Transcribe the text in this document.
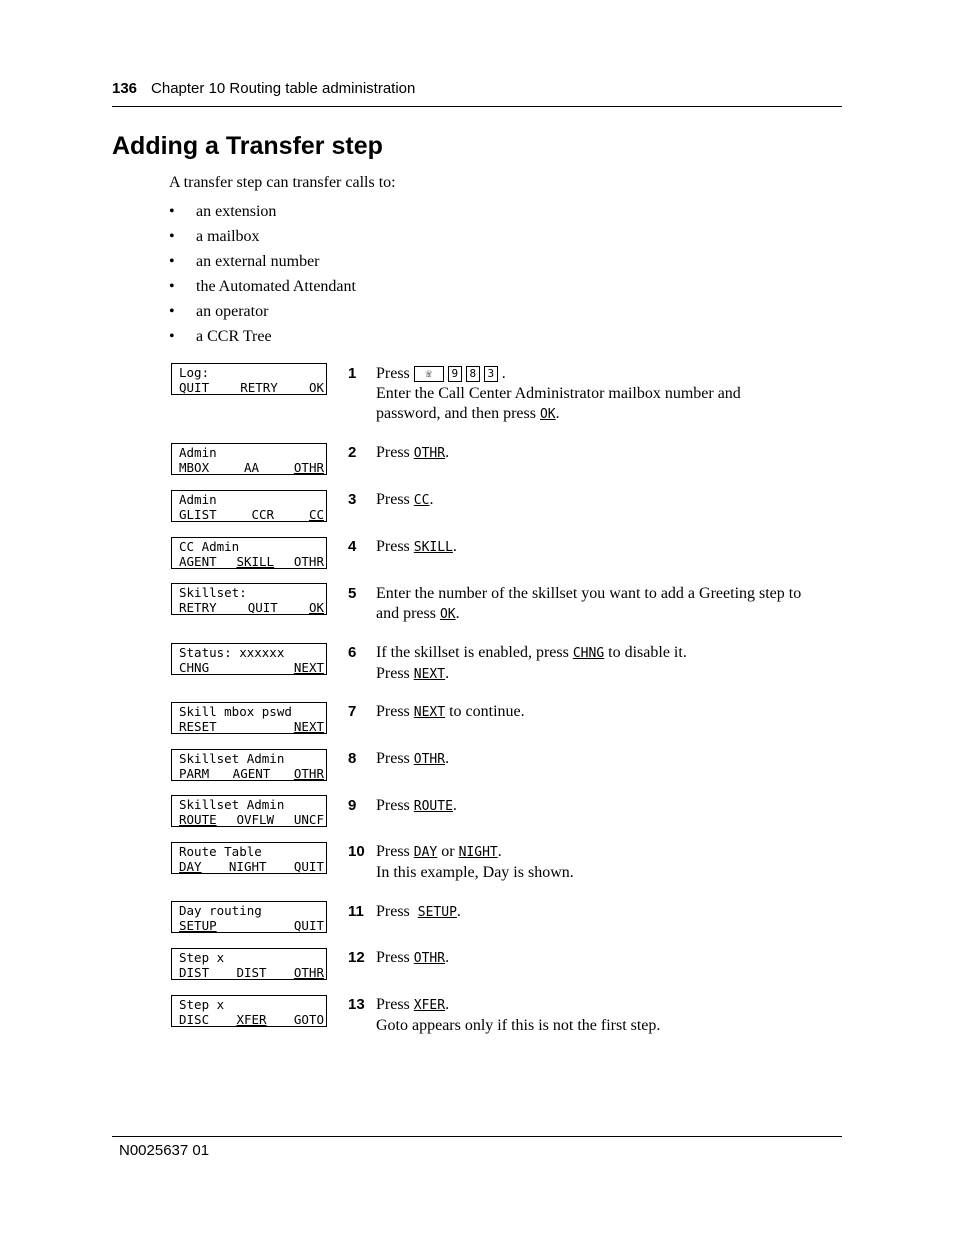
136 Chapter 10 Routing table administration
Adding a Transfer step
A transfer step can transfer calls to:
• an extension
• a mailbox
• an external number
• the Automated Attendant
• an operator
• a CCR Tree
Log:
QUIT RETRY OK
Admin
MBOX	AA	OTHR
Admin
GLIST	CCR	CC
CC Admin
AGENT SKILL OTHR
Skillset:
RETRY QUIT OK
Status: xxxxxx
CHNG	NEXT
Skill mbox pswd
RESET	NEXT
Skillset Admin
PARM AGENT OTHR
Skillset Admin
ROUTE OVFLW UNCF
Route Table
DAY NIGHT QUIT
Day routing
SETUP	QUIT
Step x
DIST DIST OTHR
Step x
DISC XFER GOTO
1 Press ☏ 9 8 3 .
Enter the Call Center Administrator mailbox number and
password, and then press OK.
2 Press OTHR.
3 Press CC.
4 Press SKILL.
5 Enter the number of the skillset you want to add a Greeting step to
and press OK.
6 If the skillset is enabled, press CHNG to disable it.
Press NEXT.
7 Press NEXT to continue.
8 Press OTHR.
9 Press ROUTE.
10 Press DAY or NIGHT.
In this example, Day is shown.
11 Press  SETUP.
12 Press OTHR.
13 Press XFER.
Goto appears only if this is not the first step.
N0025637 01
